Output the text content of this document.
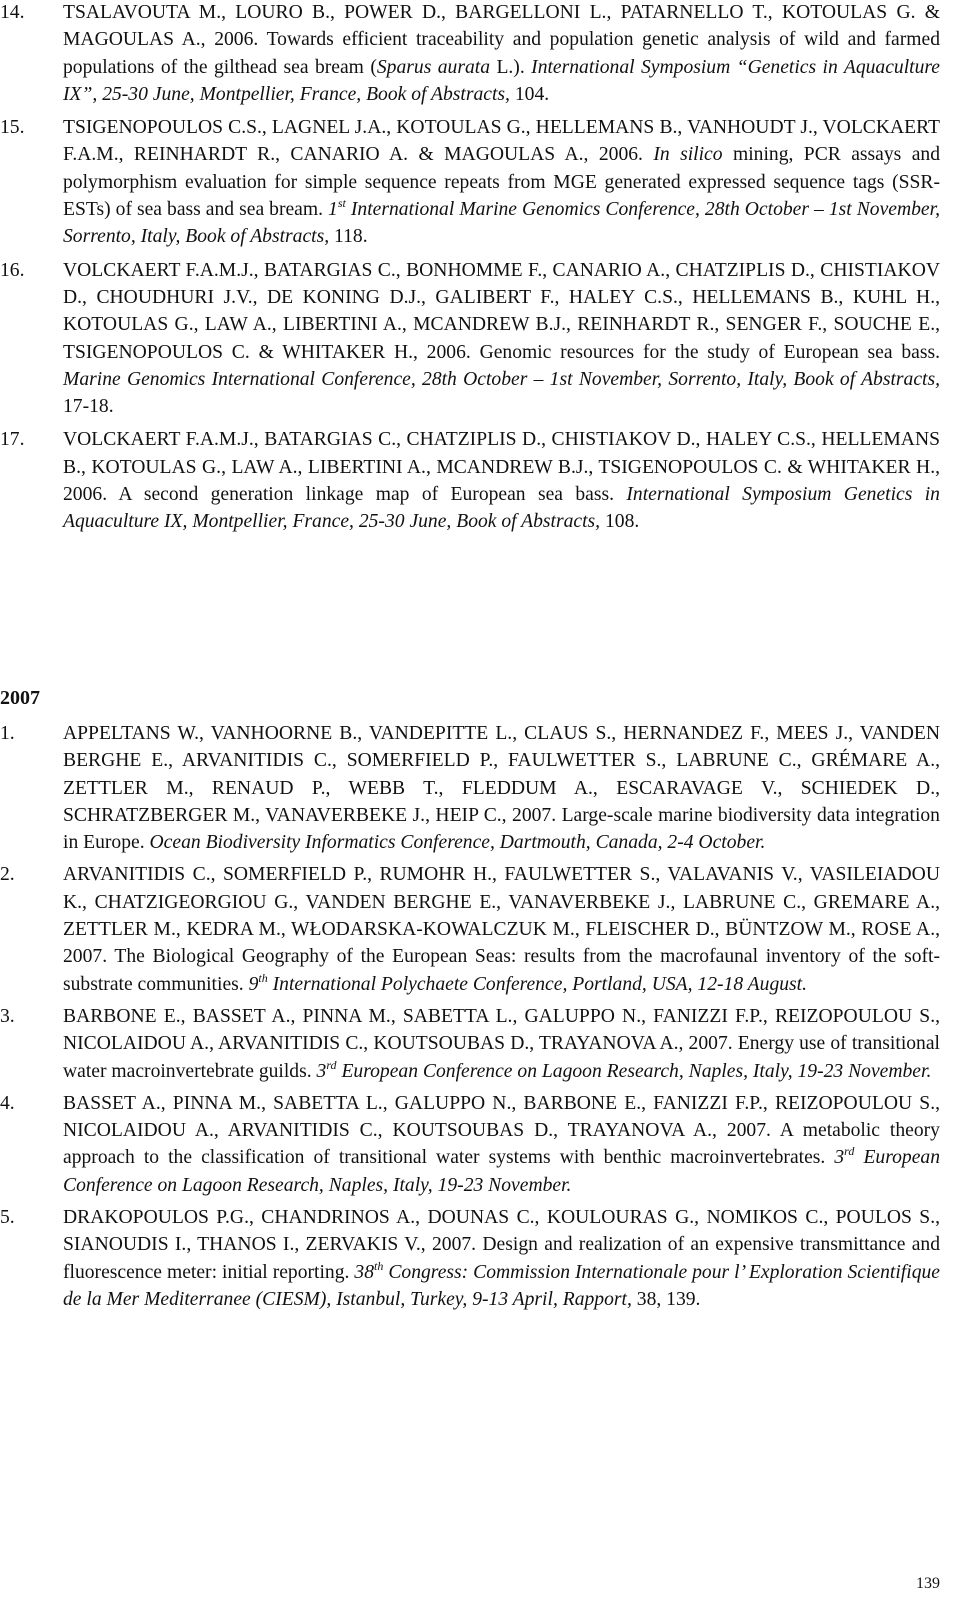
14. TSALAVOUTA M., LOURO B., POWER D., BARGELLONI L., PATARNELLO T., KOTOULAS G. & MAGOULAS A., 2006. Towards efficient traceability and population genetic analysis of wild and farmed populations of the gilthead sea bream (Sparus aurata L.). International Symposium “Genetics in Aquaculture IX”, 25-30 June, Montpellier, France, Book of Abstracts, 104.
15. TSIGENOPOULOS C.S., LAGNEL J.A., KOTOULAS G., HELLEMANS B., VANHOUDT J., VOLCKAERT F.A.M., REINHARDT R., CANARIO A. & MAGOULAS A., 2006. In silico mining, PCR assays and polymorphism evaluation for simple sequence repeats from MGE generated expressed sequence tags (SSR-ESTs) of sea bass and sea bream. 1st International Marine Genomics Conference, 28th October – 1st November, Sorrento, Italy, Book of Abstracts, 118.
16. VOLCKAERT F.A.M.J., BATARGIAS C., BONHOMME F., CANARIO A., CHATZIPLIS D., CHISTIAKOV D., CHOUDHURI J.V., DE KONING D.J., GALIBERT F., HALEY C.S., HELLEMANS B., KUHL H., KOTOULAS G., LAW A., LIBERTINI A., MCANDREW B.J., REINHARDT R., SENGER F., SOUCHE E., TSIGENOPOULOS C. & WHITAKER H., 2006. Genomic resources for the study of European sea bass. Marine Genomics International Conference, 28th October – 1st November, Sorrento, Italy, Book of Abstracts, 17-18.
17. VOLCKAERT F.A.M.J., BATARGIAS C., CHATZIPLIS D., CHISTIAKOV D., HALEY C.S., HELLEMANS B., KOTOULAS G., LAW A., LIBERTINI A., MCANDREW B.J., TSIGENOPOULOS C. & WHITAKER H., 2006. A second generation linkage map of European sea bass. International Symposium Genetics in Aquaculture IX, Montpellier, France, 25-30 June, Book of Abstracts, 108.
2007
1. APPELTANS W., VANHOORNE B., VANDEPITTE L., CLAUS S., HERNANDEZ F., MEES J., VANDEN BERGHE E., ARVANITIDIS C., SOMERFIELD P., FAULWETTER S., LABRUNE C., GRÉMARE A., ZETTLER M., RENAUD P., WEBB T., FLEDDUM A., ESCARAVAGE V., SCHIEDEK D., SCHRATZBERGER M., VANAVERBEKE J., HEIP C., 2007. Large-scale marine biodiversity data integration in Europe. Ocean Biodiversity Informatics Conference, Dartmouth, Canada, 2-4 October.
2. ARVANITIDIS C., SOMERFIELD P., RUMOHR H., FAULWETTER S., VALAVANIS V., VASILEIADOU K., CHATZIGEORGIOU G., VANDEN BERGHE E., VANAVERBEKE J., LABRUNE C., GREMARE A., ZETTLER M., KEDRA M., WŁODARSKA-KOWALCZUK M., FLEISCHER D., BÜNTZOW M., ROSE A., 2007. The Biological Geography of the European Seas: results from the macrofaunal inventory of the soft-substrate communities. 9th International Polychaete Conference, Portland, USA, 12-18 August.
3. BARBONE E., BASSET A., PINNA M., SABETTA L., GALUPPO N., FANIZZI F.P., REIZOPOULOU S., NICOLAIDOU A., ARVANITIDIS C., KOUTSOUBAS D., TRAYANOVA A., 2007. Energy use of transitional water macroinvertebrate guilds. 3rd European Conference on Lagoon Research, Naples, Italy, 19-23 November.
4. BASSET A., PINNA M., SABETTA L., GALUPPO N., BARBONE E., FANIZZI F.P., REIZOPOULOU S., NICOLAIDOU A., ARVANITIDIS C., KOUTSOUBAS D., TRAYANOVA A., 2007. A metabolic theory approach to the classification of transitional water systems with benthic macroinvertebrates. 3rd European Conference on Lagoon Research, Naples, Italy, 19-23 November.
5. DRAKOPOULOS P.G., CHANDRINOS A., DOUNAS C., KOULOURAS G., NOMIKOS C., POULOS S., SIANOUDIS I., THANOS I., ZERVAKIS V., 2007. Design and realization of an expensive transmittance and fluorescence meter: initial reporting. 38th Congress: Commission Internationale pour l’ Exploration Scientifique de la Mer Mediterranee (CIESM), Istanbul, Turkey, 9-13 April, Rapport, 38, 139.
139
